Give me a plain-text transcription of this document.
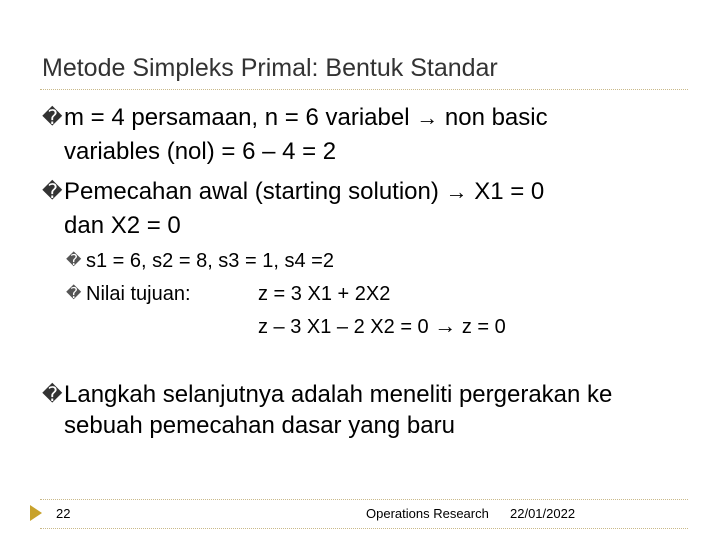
Metode Simpleks Primal: Bentuk Standar
�m = 4 persamaan, n = 6 variabel → non basic
variables (nol) = 6 – 4 = 2
�Pemecahan awal (starting solution) → X1 = 0
dan X2 = 0
� s1 = 6, s2 = 8, s3 = 1, s4 =2
� Nilai tujuan:	z = 3 X1 + 2X2
z – 3 X1 – 2 X2 = 0 → z = 0
�Langkah selanjutnya adalah meneliti pergerakan ke
sebuah pemecahan dasar yang baru
22	Operations Research 22/01/2022
